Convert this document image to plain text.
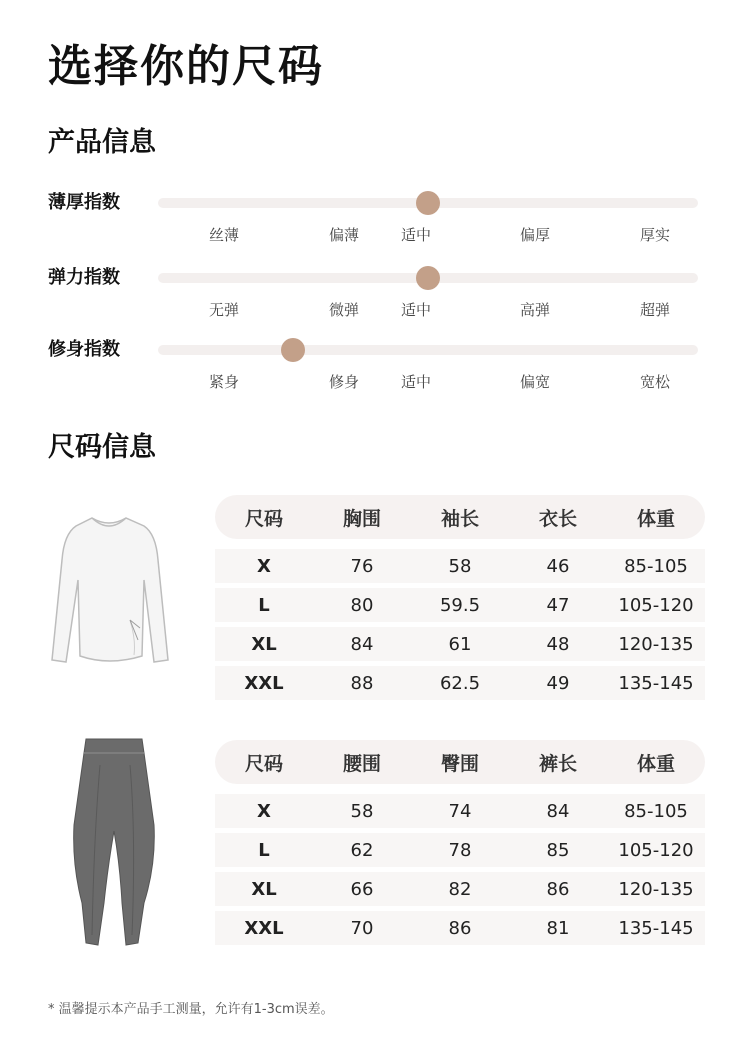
选择你的尺码
产品信息
薄厚指数
丝薄	偏薄	适中	偏厚	厚实
弹力指数
无弹	微弹	适中	高弹	超弹
修身指数
紧身	修身	适中	偏宽	宽松
尺码信息
尺码	胸围	袖长	衣长	体重
X	76	58	46	85-105
L	80	59.5	47	105-120
XL	84	61	48	120-135
XXL	88	62.5	49	135-145
尺码	腰围	臀围	裤长	体重
X	58	74	84	85-105
L	62	78	85	105-120
XL	66	82	86	120-135
XXL	70	86	81	135-145
* 温馨提示本产品手工测量，允许有1-3cm误差。
